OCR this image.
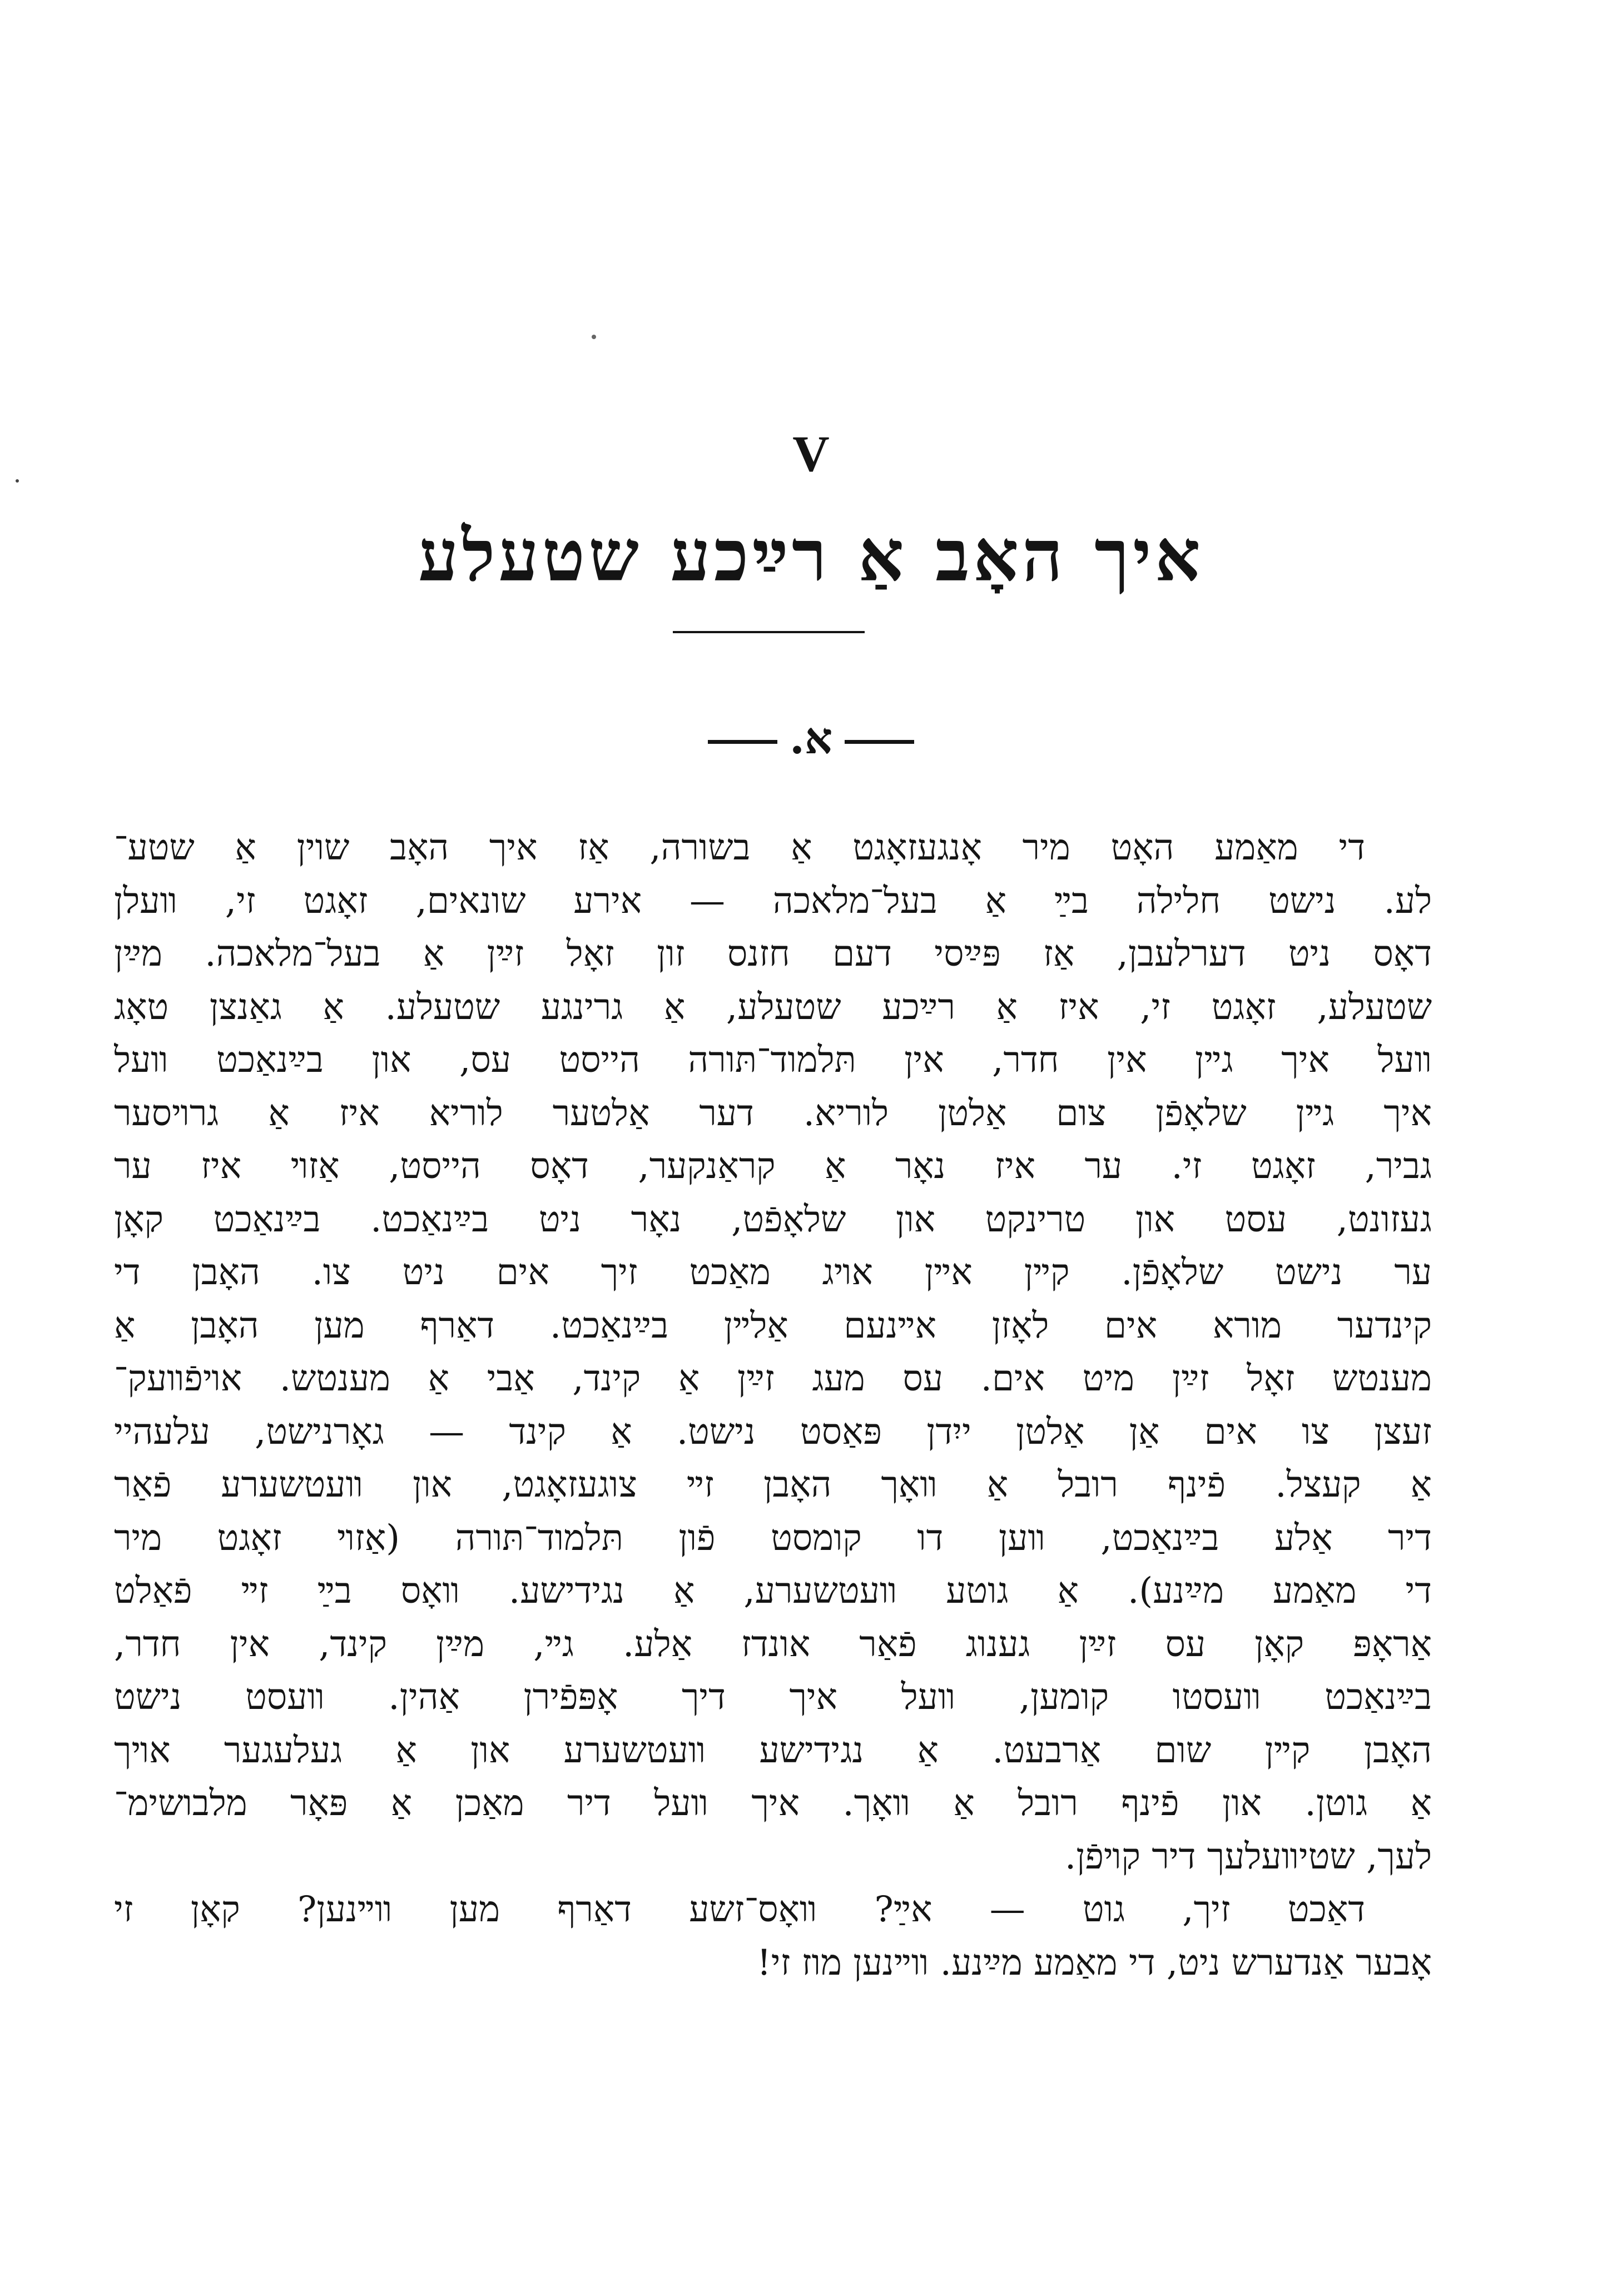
V
איך האָב אַ רײַכע שטעלע
א.
די מאַמע האָט מיר אָנגעזאָגט אַ בשורה, אַז איך האָב שוין אַ שטע־
לע. נישט חלילה בײַ אַ בעל־מלאכה — אירע שונאים, זאָגט זי, װעלן
דאָס ניט דערלעבן, אַז פּײַסי דעם חזנס זון זאָל זײַן אַ בעל־מלאכה. מײַן
שטעלע, זאָגט זי, איז אַ רײַכע שטעלע, אַ גרינגע שטעלע. אַ גאַנצן טאָג
װעל איך גײן אין חדר, אין תּלמוד־תּורה הייסט עס, און בײַנאַכט װעל
איך גײן שלאָפֿן צום אַלטן לוריא. דער אַלטער לוריא איז אַ גרױסער
גביר, זאָגט זי. ער איז נאָר אַ קראַנקער, דאָס הייסט, אַזױ איז ער
געזונט, עסט און טרינקט און שלאָפֿט, נאָר ניט בײַנאַכט. בײַנאַכט קאָן
ער נישט שלאָפֿן. קײן אײן אױג מאַכט זיך אים ניט צו. האָבן די
קינדער מורא אים לאָזן אײנעם אַלײן בײַנאַכט. דאַרף מען האָבן אַ
מענטש זאָל זײַן מיט אים. עס מעג זײַן אַ קינד, אַבי אַ מענטש. אױפֿװעק־
זעצן צו אים אַן אַלטן ייִדן פּאַסט נישט. אַ קינד — גאָרנישט, עלעהיי
אַ קעצל. פֿינף רובל אַ װאָך האָבן זײ צוגעזאָגט, און װעטשערע פֿאַר
דיר אַלע בײַנאַכט, װען דו קומסט פֿון תּלמוד־תּורה (אַזױ זאָגט מיר
די מאַמע מײַנע). אַ גוטע װעטשערע, אַ נגידישע. װאָס בײַ זײ פֿאַלט
אַראָפּ קאָן עס זײַן גענוג פֿאַר אונדז אַלע. גײ, מײַן קינד, אין חדר,
בײַנאַכט װעסטו קומען, װעל איך דיך אָפּפֿירן אַהין. װעסט נישט
האָבן קײן שום אַרבעט. אַ נגידישע װעטשערע און אַ געלעגער אױך
אַ גוטן. און פֿינף רובל אַ װאָך. איך װעל דיר מאַכן אַ פּאָר מלבושימ־
לעך, שטיװעלעך דיר קױפֿן.
דאַכט זיך, גוט — אײַ? װאָס־זשע דאַרף מען װײנען? קאָן זי
אָבער אַנדערש ניט, די מאַמע מײַנע. װײנען מוז זי!
